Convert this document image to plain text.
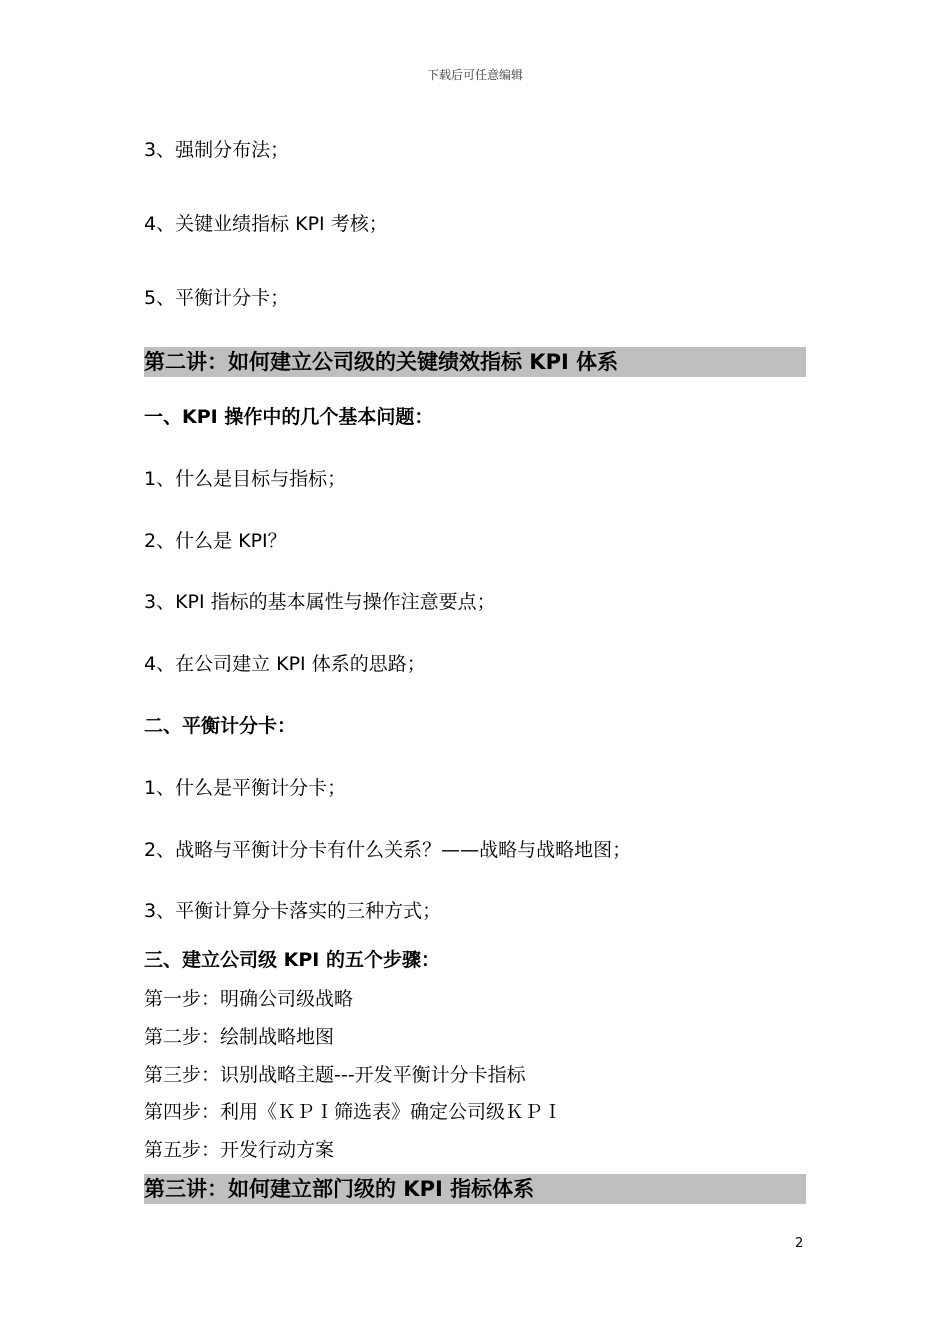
下载后可任意编辑
3、强制分布法；
4、关键业绩指标 KPI 考核；
5、平衡计分卡；
第二讲：如何建立公司级的关键绩效指标 KPI 体系
一、KPI 操作中的几个基本问题：
1、什么是目标与指标；
2、什么是 KPI？
3、KPI 指标的基本属性与操作注意要点；
4、在公司建立 KPI 体系的思路；
二、平衡计分卡：
1、什么是平衡计分卡；
2、战略与平衡计分卡有什么关系？——战略与战略地图；
3、平衡计算分卡落实的三种方式；
三、建立公司级 KPI 的五个步骤：
第一步：明确公司级战略
第二步：绘制战略地图
第三步：识别战略主题---开发平衡计分卡指标
第四步：利用《ＫＰＩ筛选表》确定公司级ＫＰＩ
第五步：开发行动方案
第三讲：如何建立部门级的 KPI 指标体系
2
